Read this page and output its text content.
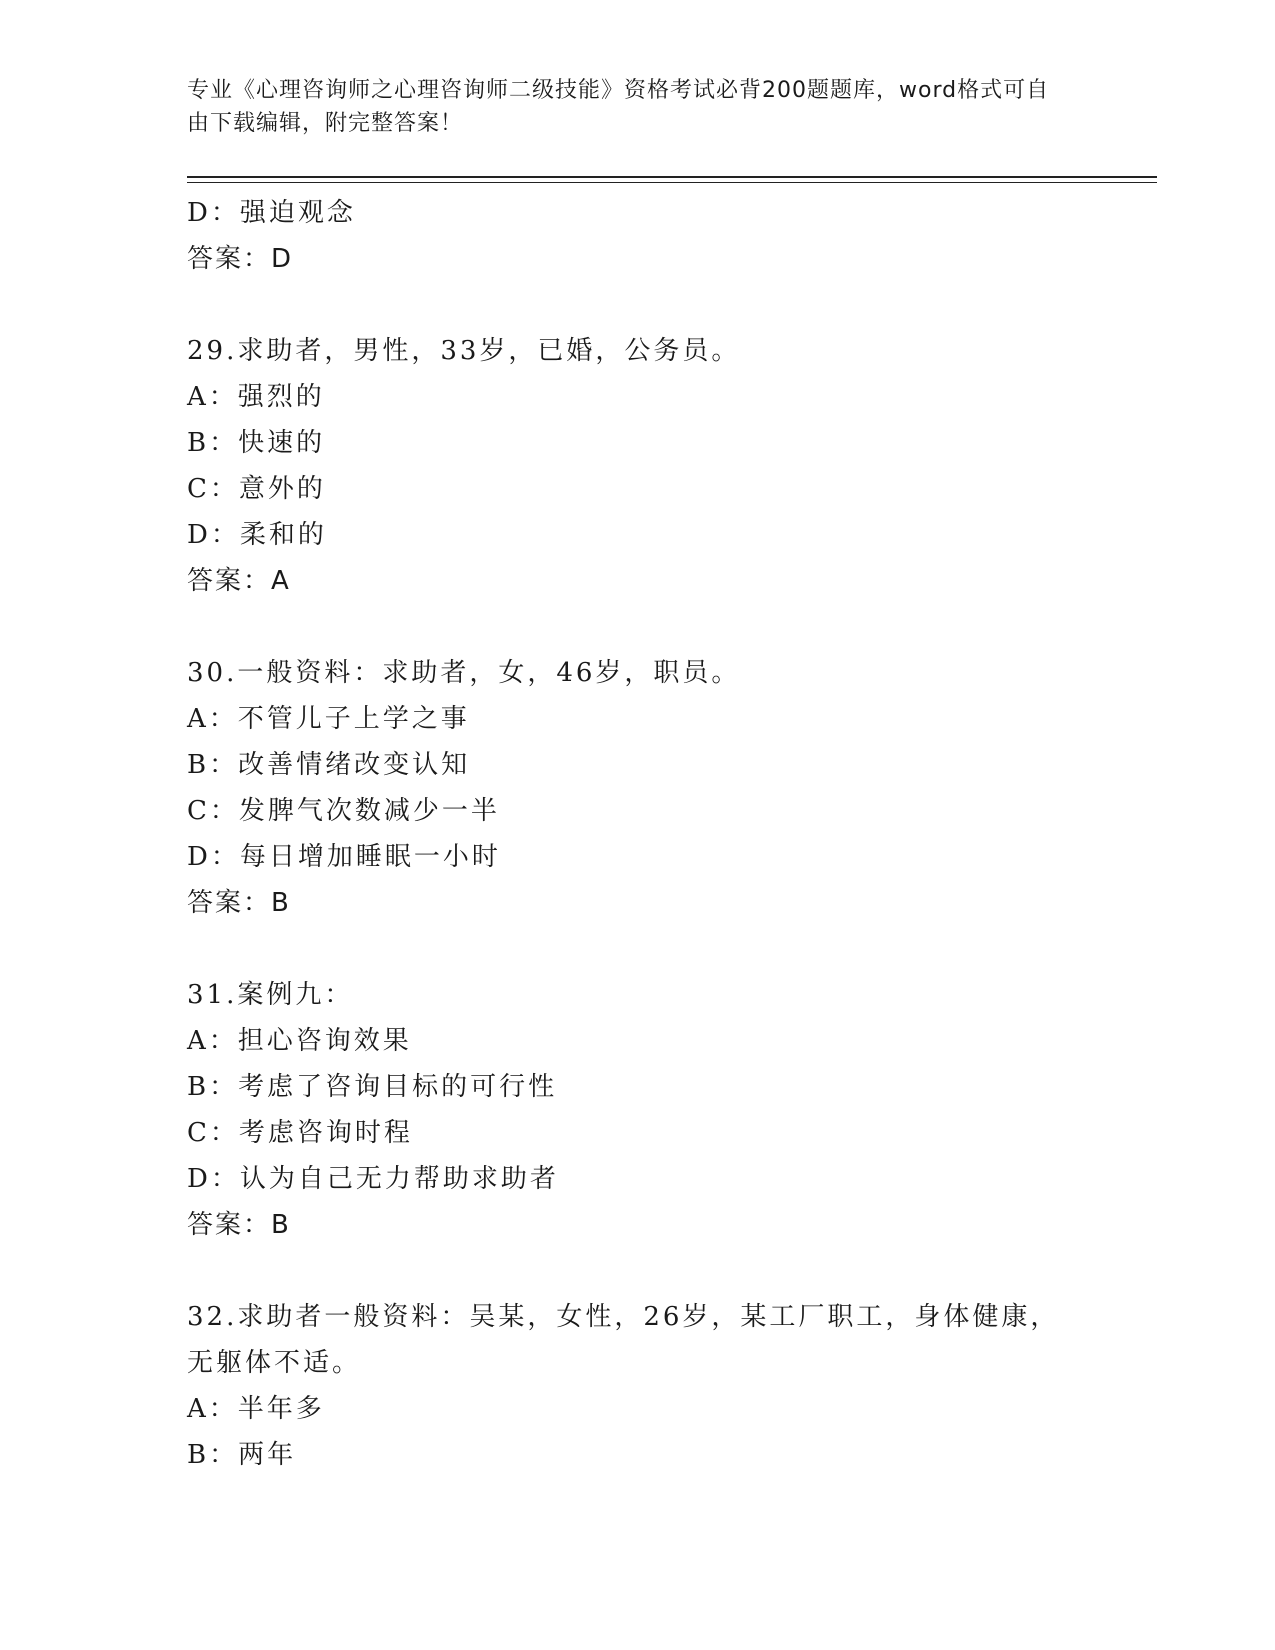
专业《心理咨询师之心理咨询师二级技能》资格考试必背200题题库，word格式可自由下载编辑，附完整答案！
D：强迫观念
答案：D
29.求助者，男性，33岁，已婚，公务员。
A：强烈的
B：快速的
C：意外的
D：柔和的
答案：A
30.一般资料：求助者，女，46岁，职员。
A：不管儿子上学之事
B：改善情绪改变认知
C：发脾气次数减少一半
D：每日增加睡眠一小时
答案：B
31.案例九：
A：担心咨询效果
B：考虑了咨询目标的可行性
C：考虑咨询时程
D：认为自己无力帮助求助者
答案：B
32.求助者一般资料：吴某，女性，26岁，某工厂职工，身体健康，无躯体不适。
A：半年多
B：两年
